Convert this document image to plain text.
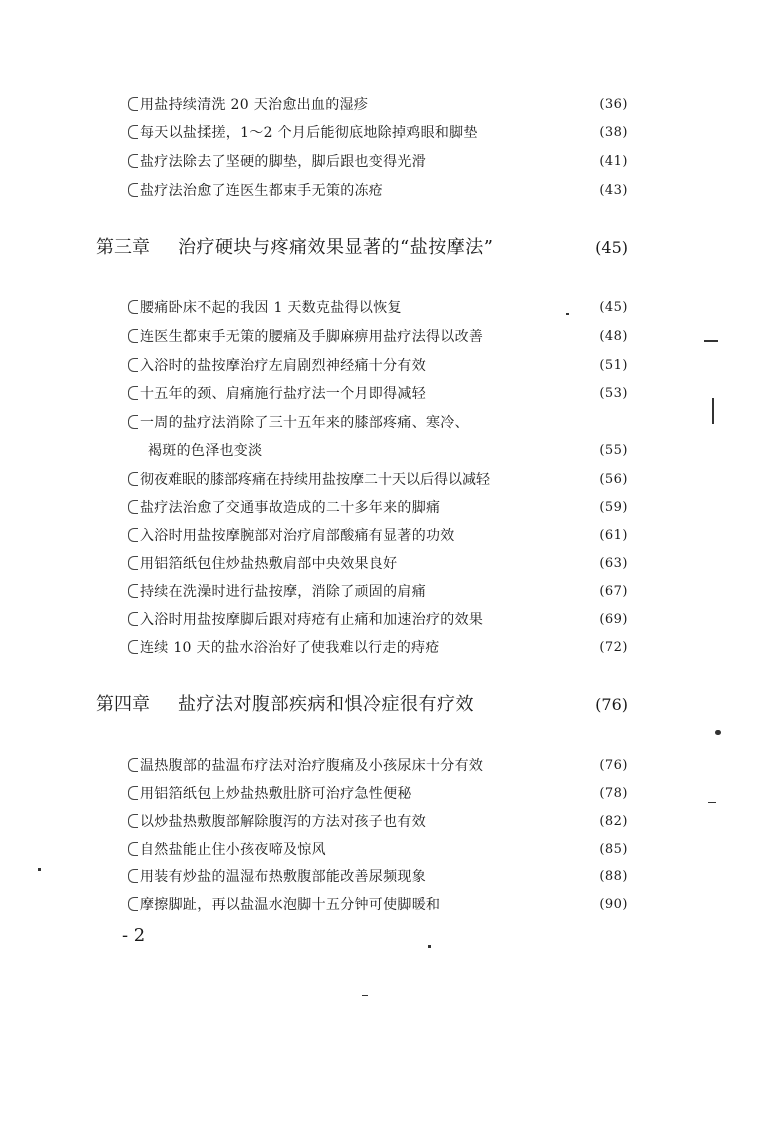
用盐持续清洗 20 天治愈出血的湿疹	(36)
每天以盐揉搓，1～2 个月后能彻底地除掉鸡眼和脚垫	(38)
盐疗法除去了坚硬的脚垫，脚后跟也变得光滑	(41)
盐疗法治愈了连医生都束手无策的冻疮	(43)
第三章 治疗硬块与疼痛效果显著的“盐按摩法”	(45)
腰痛卧床不起的我因 1 天数克盐得以恢复	(45)
连医生都束手无策的腰痛及手脚麻痹用盐疗法得以改善	(48)
入浴时的盐按摩治疗左肩剧烈神经痛十分有效	(51)
十五年的颈、肩痛施行盐疗法一个月即得减轻	(53)
一周的盐疗法消除了三十五年来的膝部疼痛、寒冷、
褐斑的色泽也变淡	(55)
彻夜难眠的膝部疼痛在持续用盐按摩二十天以后得以减轻	(56)
盐疗法治愈了交通事故造成的二十多年来的脚痛	(59)
入浴时用盐按摩腕部对治疗肩部酸痛有显著的功效	(61)
用铝箔纸包住炒盐热敷肩部中央效果良好	(63)
持续在洗澡时进行盐按摩，消除了顽固的肩痛	(67)
入浴时用盐按摩脚后跟对痔疮有止痛和加速治疗的效果	(69)
连续 10 天的盐水浴治好了使我难以行走的痔疮	(72)
第四章 盐疗法对腹部疾病和惧冷症很有疗效	(76)
温热腹部的盐温布疗法对治疗腹痛及小孩尿床十分有效	(76)
用铝箔纸包上炒盐热敷肚脐可治疗急性便秘	(78)
以炒盐热敷腹部解除腹泻的方法对孩子也有效	(82)
自然盐能止住小孩夜啼及惊风	(85)
用装有炒盐的温湿布热敷腹部能改善尿频现象	(88)
摩擦脚趾，再以盐温水泡脚十五分钟可使脚暖和	(90)
- 2
